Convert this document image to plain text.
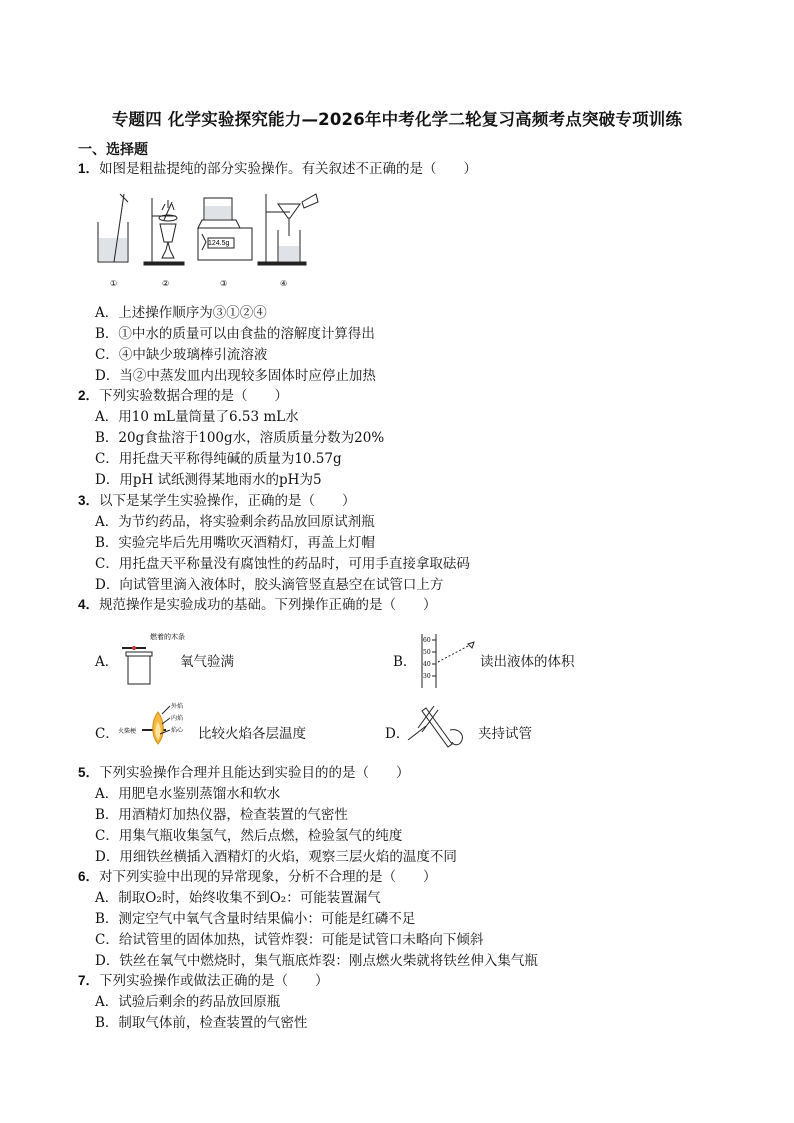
专题四 化学实验探究能力—2026年中考化学二轮复习高频考点突破专项训练
一、选择题
1．如图是粗盐提纯的部分实验操作。有关叙述不正确的是（　　）
124.5g
①	②	③	④
A．上述操作顺序为③①②④
B．①中水的质量可以由食盐的溶解度计算得出
C．④中缺少玻璃棒引流溶液
D．当②中蒸发皿内出现较多固体时应停止加热
2．下列实验数据合理的是（　　）
A．用10 mL量筒量了6.53 mL水
B．20g食盐溶于100g水，溶质质量分数为20%
C．用托盘天平称得纯碱的质量为10.57g
D．用pH 试纸测得某地雨水的pH为5
3．以下是某学生实验操作，正确的是（　　）
A．为节约药品，将实验剩余药品放回原试剂瓶
B．实验完毕后先用嘴吹灭酒精灯，再盖上灯帽
C．用托盘天平称量没有腐蚀性的药品时，可用手直接拿取砝码
D．向试管里滴入液体时，胶头滴管竖直悬空在试管口上方
4．规范操作是实验成功的基础。下列操作正确的是（　　）
A．
燃着的木条
氧气验满	B．
60
50
40
30
读出液体的体积
C． 火柴梗
外焰
内焰
焰心 比较火焰各层温度	D．	夹持试管
5．下列实验操作合理并且能达到实验目的的是（　　）
A．用肥皂水鉴别蒸馏水和软水
B．用酒精灯加热仪器，检查装置的气密性
C．用集气瓶收集氢气，然后点燃，检验氢气的纯度
D．用细铁丝横插入酒精灯的火焰，观察三层火焰的温度不同
6．对下列实验中出现的异常现象，分析不合理的是（　　）
A．制取O₂时，始终收集不到O₂：可能装置漏气
B．测定空气中氧气含量时结果偏小：可能是红磷不足
C．给试管里的固体加热，试管炸裂：可能是试管口未略向下倾斜
D．铁丝在氧气中燃烧时，集气瓶底炸裂：刚点燃火柴就将铁丝伸入集气瓶
7．下列实验操作或做法正确的是（　　）
A．试验后剩余的药品放回原瓶
B．制取气体前，检查装置的气密性
